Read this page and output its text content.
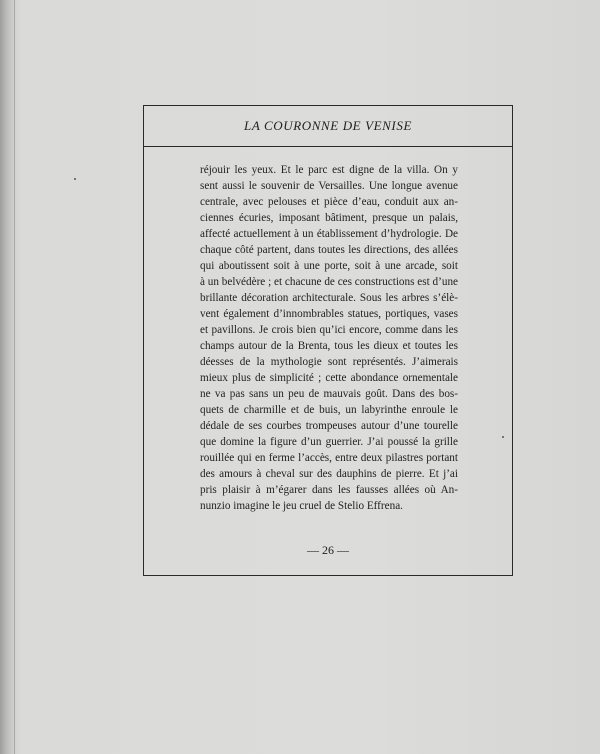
LA COURONNE DE VENISE
réjouir les yeux. Et le parc est digne de la villa. On y
sent aussi le souvenir de Versailles. Une longue avenue
centrale, avec pelouses et pièce d’eau, conduit aux an-
ciennes écuries, imposant bâtiment, presque un palais,
affecté actuellement à un établissement d’hydrologie. De
chaque côté partent, dans toutes les directions, des allées
qui aboutissent soit à une porte, soit à une arcade, soit
à un belvédère ; et chacune de ces constructions est d’une
brillante décoration architecturale. Sous les arbres s’élè-
vent également d’innombrables statues, portiques, vases
et pavillons. Je crois bien qu’ici encore, comme dans les
champs autour de la Brenta, tous les dieux et toutes les
déesses de la mythologie sont représentés. J’aimerais
mieux plus de simplicité ; cette abondance ornementale
ne va pas sans un peu de mauvais goût. Dans des bos-
quets de charmille et de buis, un labyrinthe enroule le
dédale de ses courbes trompeuses autour d’une tourelle
que domine la figure d’un guerrier. J’ai poussé la grille
rouillée qui en ferme l’accès, entre deux pilastres portant
des amours à cheval sur des dauphins de pierre. Et j’ai
pris plaisir à m’égarer dans les fausses allées où An-
nunzio imagine le jeu cruel de Stelio Effrena.
— 26 —
